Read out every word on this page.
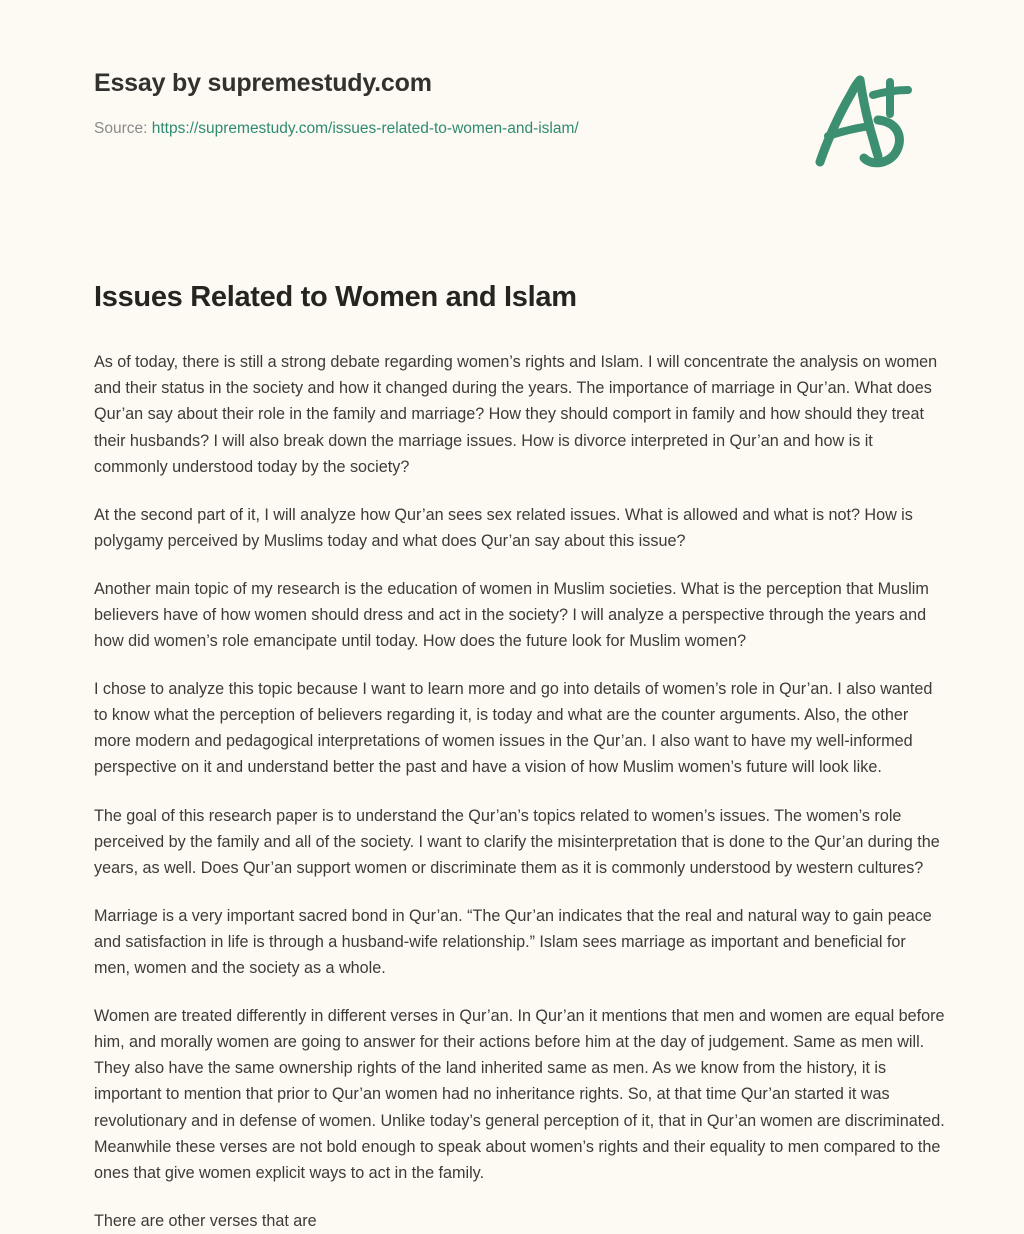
Essay by supremestudy.com
Source: https://supremestudy.com/issues-related-to-women-and-islam/
Issues Related to Women and Islam

As of today, there is still a strong debate regarding women’s rights and Islam. I will concentrate the analysis on women and their status in the society and how it changed during the years. The importance of marriage in Qur’an. What does Qur’an say about their role in the family and marriage? How they should comport in family and how should they treat their husbands? I will also break down the marriage issues. How is divorce interpreted in Qur’an and how is it commonly understood today by the society?

At the second part of it, I will analyze how Qur’an sees sex related issues. What is allowed and what is not? How is polygamy perceived by Muslims today and what does Qur’an say about this issue?

Another main topic of my research is the education of women in Muslim societies. What is the perception that Muslim believers have of how women should dress and act in the society? I will analyze a perspective through the years and how did women’s role emancipate until today. How does the future look for Muslim women?

I chose to analyze this topic because I want to learn more and go into details of women’s role in Qur’an. I also wanted to know what the perception of believers regarding it, is today and what are the counter arguments. Also, the other more modern and pedagogical interpretations of women issues in the Qur’an. I also want to have my well-informed perspective on it and understand better the past and have a vision of how Muslim women’s future will look like.

The goal of this research paper is to understand the Qur’an’s topics related to women’s issues. The women’s role perceived by the family and all of the society. I want to clarify the misinterpretation that is done to the Qur’an during the years, as well. Does Qur’an support women or discriminate them as it is commonly understood by western cultures?

Marriage is a very important sacred bond in Qur’an. “The Qur’an indicates that the real and natural way to gain peace and satisfaction in life is through a husband-wife relationship.” Islam sees marriage as important and beneficial for men, women and the society as a whole.

Women are treated differently in different verses in Qur’an. In Qur’an it mentions that men and women are equal before him, and morally women are going to answer for their actions before him at the day of judgement. Same as men will. They also have the same ownership rights of the land inherited same as men. As we know from the history, it is important to mention that prior to Qur’an women had no inheritance rights. So, at that time Qur’an started it was revolutionary and in defense of women. Unlike today’s general perception of it, that in Qur’an women are discriminated. Meanwhile these verses are not bold enough to speak about women’s rights and their equality to men compared to the ones that give women explicit ways to act in the family.

There are other verses that are
